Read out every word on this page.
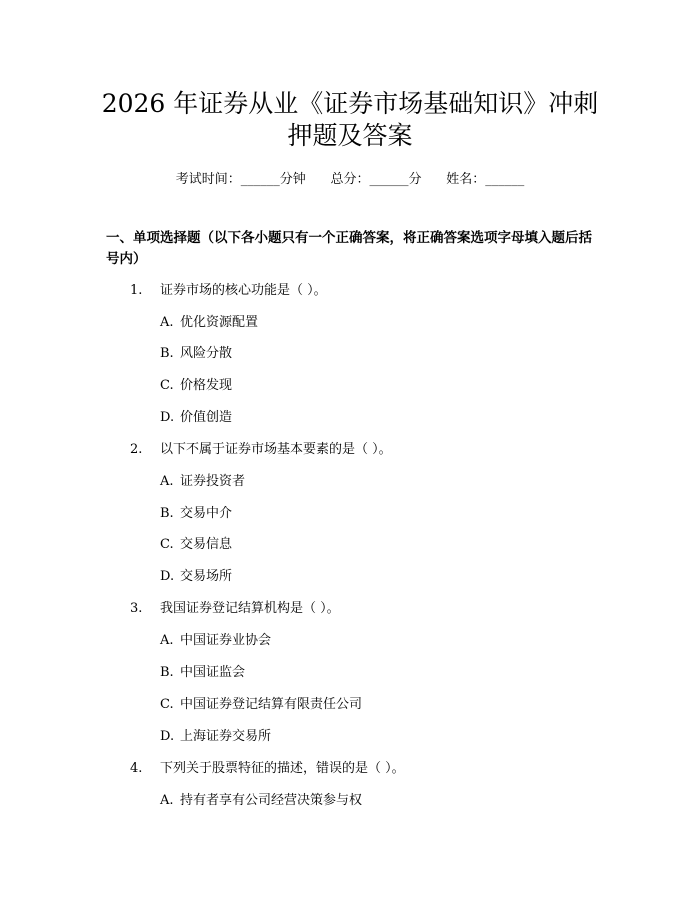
2026 年证券从业《证券市场基础知识》冲刺
押题及答案
考试时间：______分钟      总分：______分      姓名：______
一、单项选择题（以下各小题只有一个正确答案，将正确答案选项字母填入题后括号内）
1. 证券市场的核心功能是（ ）。
A. 优化资源配置
B. 风险分散
C. 价格发现
D. 价值创造
2. 以下不属于证券市场基本要素的是（ ）。
A. 证券投资者
B. 交易中介
C. 交易信息
D. 交易场所
3. 我国证券登记结算机构是（ ）。
A. 中国证券业协会
B. 中国证监会
C. 中国证券登记结算有限责任公司
D. 上海证券交易所
4. 下列关于股票特征的描述，错误的是（ ）。
A. 持有者享有公司经营决策参与权
